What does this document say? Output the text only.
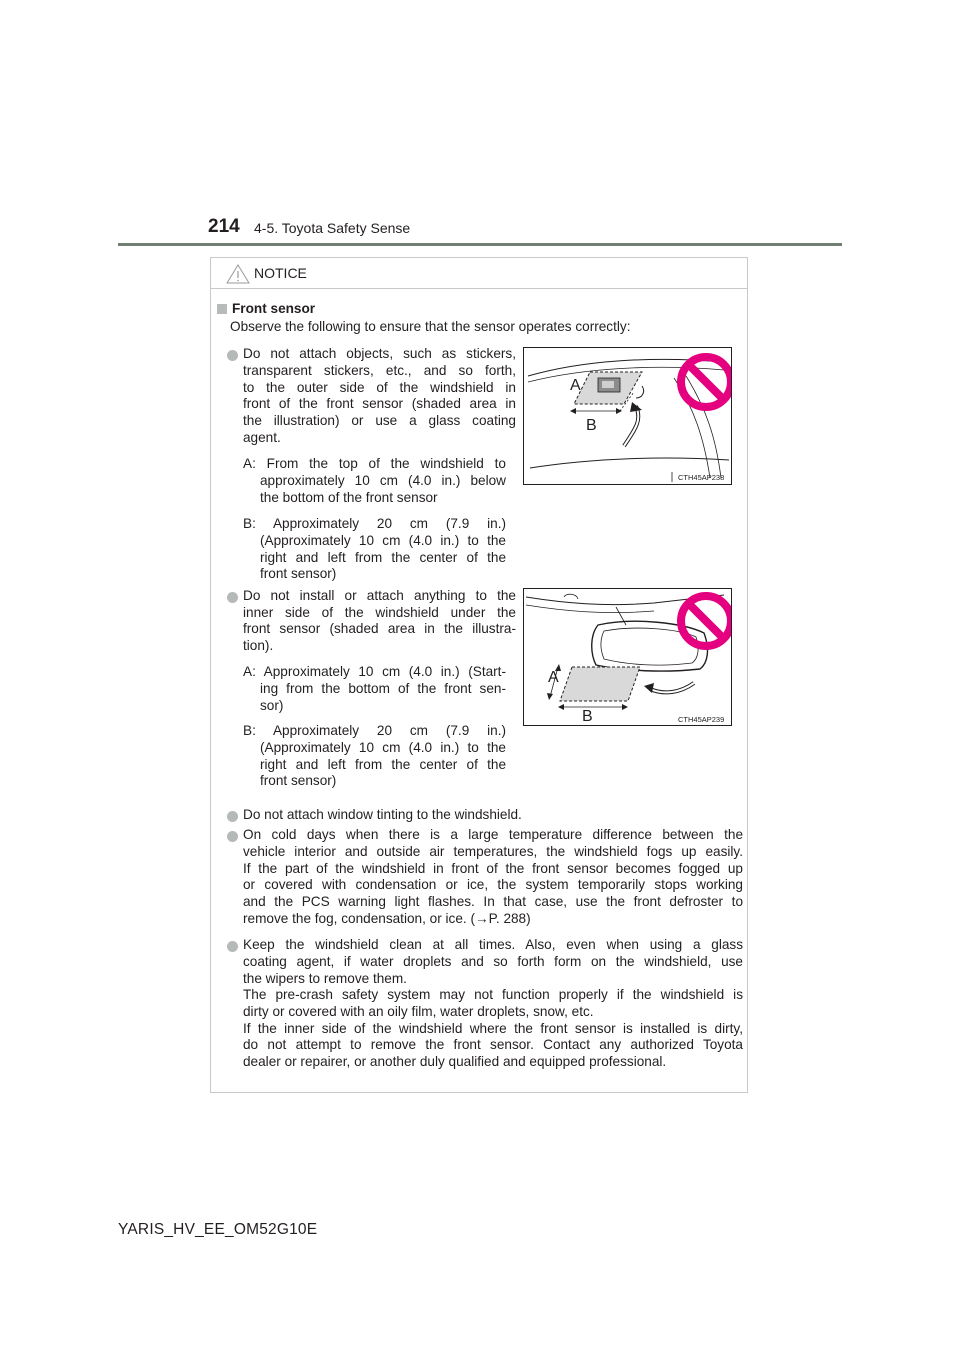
214 4-5. Toyota Safety Sense
NOTICE
Front sensor
Observe the following to ensure that the sensor operates correctly:
Do not attach objects, such as stickers,
transparent stickers, etc., and so forth,
to the outer side of the windshield in
front of the front sensor (shaded area in
the illustration) or use a glass coating
agent.
A: From the top of the windshield to
approximately 10 cm (4.0 in.) below
the bottom of the front sensor
B: Approximately 20 cm (7.9 in.)
(Approximately 10 cm (4.0 in.) to the
right and left from the center of the
front sensor)
A
B
CTH45AP238
Do not install or attach anything to the
inner side of the windshield under the
front sensor (shaded area in the illustra-
tion).
A: Approximately 10 cm (4.0 in.) (Start-
ing from the bottom of the front sen-
sor)
B: Approximately 20 cm (7.9 in.)
(Approximately 10 cm (4.0 in.) to the
right and left from the center of the
front sensor)
A
B	CTH45AP239
Do not attach window tinting to the windshield.
On cold days when there is a large temperature difference between the
vehicle interior and outside air temperatures, the windshield fogs up easily.
If the part of the windshield in front of the front sensor becomes fogged up
or covered with condensation or ice, the system temporarily stops working
and the PCS warning light flashes. In that case, use the front defroster to
remove the fog, condensation, or ice. (→P. 288)
Keep the windshield clean at all times. Also, even when using a glass
coating agent, if water droplets and so forth form on the windshield, use
the wipers to remove them.
The pre-crash safety system may not function properly if the windshield is
dirty or covered with an oily film, water droplets, snow, etc.
If the inner side of the windshield where the front sensor is installed is dirty,
do not attempt to remove the front sensor. Contact any authorized Toyota
dealer or repairer, or another duly qualified and equipped professional.
YARIS_HV_EE_OM52G10E
